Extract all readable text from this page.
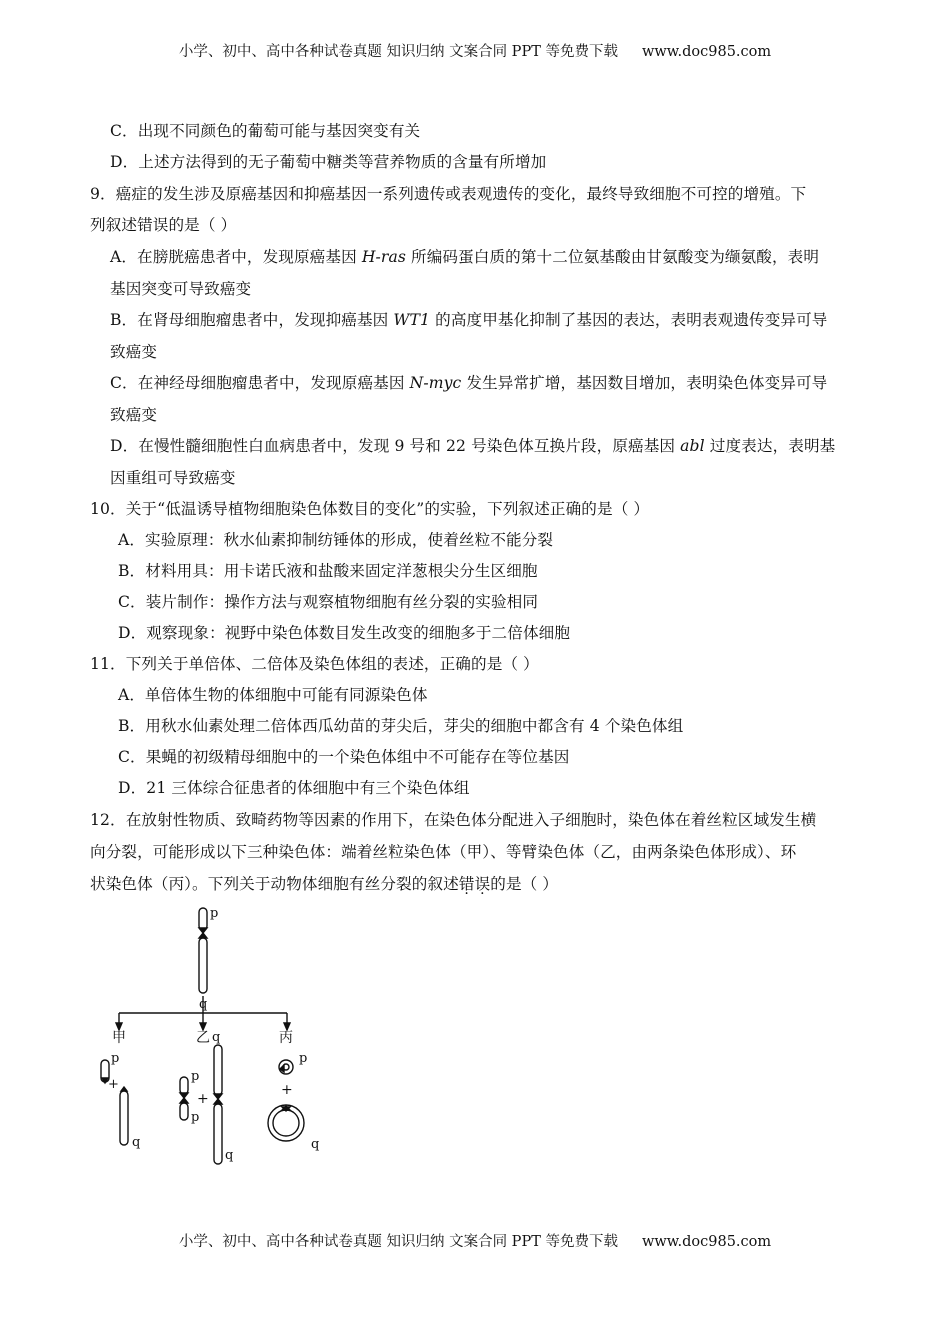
小学、初中、高中各种试卷真题 知识归纳 文案合同 PPT 等免费下载 www.doc985.com
C．出现不同颜色的葡萄可能与基因突变有关
D．上述方法得到的无子葡萄中糖类等营养物质的含量有所增加
9．癌症的发生涉及原癌基因和抑癌基因一系列遗传或表观遗传的变化，最终导致细胞不可控的增殖。下
列叙述错误的是（ ）
A．在膀胱癌患者中，发现原癌基因 H-ras 所编码蛋白质的第十二位氨基酸由甘氨酸变为缬氨酸，表明
基因突变可导致癌变
B．在肾母细胞瘤患者中，发现抑癌基因 WT1 的高度甲基化抑制了基因的表达，表明表观遗传变异可导
致癌变
C．在神经母细胞瘤患者中，发现原癌基因 N-myc 发生异常扩增，基因数目增加，表明染色体变异可导
致癌变
D．在慢性髓细胞性白血病患者中，发现 9 号和 22 号染色体互换片段，原癌基因 abl 过度表达，表明基
因重组可导致癌变
10．关于“低温诱导植物细胞染色体数目的变化”的实验，下列叙述正确的是（ ）
A．实验原理：秋水仙素抑制纺锤体的形成，使着丝粒不能分裂
B．材料用具：用卡诺氏液和盐酸来固定洋葱根尖分生区细胞
C．装片制作：操作方法与观察植物细胞有丝分裂的实验相同
D．观察现象：视野中染色体数目发生改变的细胞多于二倍体细胞
11．下列关于单倍体、二倍体及染色体组的表述，正确的是（ ）
A．单倍体生物的体细胞中可能有同源染色体
B．用秋水仙素处理二倍体西瓜幼苗的芽尖后，芽尖的细胞中都含有 4 个染色体组
C．果蝇的初级精母细胞中的一个染色体组中不可能存在等位基因
D．21 三体综合征患者的体细胞中有三个染色体组
12．在放射性物质、致畸药物等因素的作用下，在染色体分配进入子细胞时，染色体在着丝粒区域发生横
向分裂，可能形成以下三种染色体：端着丝粒染色体（甲）、等臂染色体（乙，由两条染色体形成）、环
状染色体（丙）。下列关于动物体细胞有丝分裂的叙述错误的是（ ）
p
q
甲	乙 q	丙
p
+
q
p
+
p
q
p
+
q
小学、初中、高中各种试卷真题 知识归纳 文案合同 PPT 等免费下载 www.doc985.com
